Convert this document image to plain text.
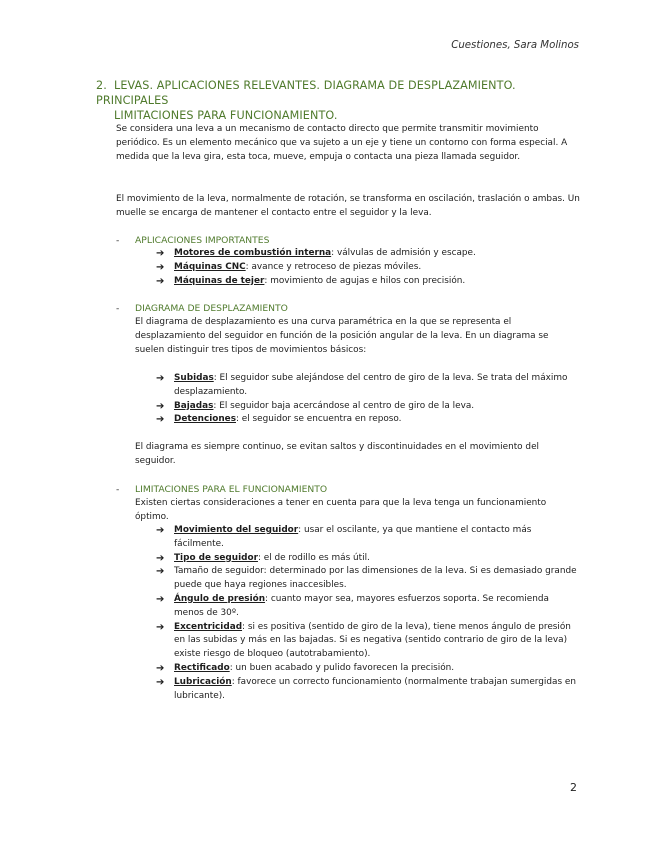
Cuestiones, Sara Molinos
2. LEVAS. APLICACIONES RELEVANTES. DIAGRAMA DE DESPLAZAMIENTO. PRINCIPALES
LIMITACIONES PARA FUNCIONAMIENTO.
Se considera una leva a un mecanismo de contacto directo que permite transmitir movimiento periódico. Es un elemento mecánico que va sujeto a un eje y tiene un contorno con forma especial. A medida que la leva gira, esta toca, mueve, empuja o contacta una pieza llamada seguidor.
El movimiento de la leva, normalmente de rotación, se transforma en oscilación, traslación o ambas. Un muelle se encarga de mantener el contacto entre el seguidor y la leva.
- APLICACIONES IMPORTANTES
➔ Motores de combustión interna: válvulas de admisión y escape.
➔ Máquinas CNC: avance y retroceso de piezas móviles.
➔ Máquinas de tejer: movimiento de agujas e hilos con precisión.
- DIAGRAMA DE DESPLAZAMIENTO
El diagrama de desplazamiento es una curva paramétrica en la que se representa el desplazamiento del seguidor en función de la posición angular de la leva. En un diagrama se suelen distinguir tres tipos de movimientos básicos:
➔ Subidas: El seguidor sube alejándose del centro de giro de la leva. Se trata del máximo desplazamiento.
➔ Bajadas: El seguidor baja acercándose al centro de giro de la leva.
➔ Detenciones: el seguidor se encuentra en reposo.
El diagrama es siempre continuo, se evitan saltos y discontinuidades en el movimiento del seguidor.
- LIMITACIONES PARA EL FUNCIONAMIENTO
Existen ciertas consideraciones a tener en cuenta para que la leva tenga un funcionamiento óptimo.
➔ Movimiento del seguidor: usar el oscilante, ya que mantiene el contacto más fácilmente.
➔ Tipo de seguidor: el de rodillo es más útil.
➔ Tamaño de seguidor: determinado por las dimensiones de la leva. Si es demasiado grande puede que haya regiones inaccesibles.
➔ Ángulo de presión: cuanto mayor sea, mayores esfuerzos soporta. Se recomienda menos de 30º.
➔ Excentricidad: si es positiva (sentido de giro de la leva), tiene menos ángulo de presión en las subidas y más en las bajadas. Si es negativa (sentido contrario de giro de la leva) existe riesgo de bloqueo (autotrabamiento).
➔ Rectificado: un buen acabado y pulido favorecen la precisión.
➔ Lubricación: favorece un correcto funcionamiento (normalmente trabajan sumergidas en lubricante).
2
